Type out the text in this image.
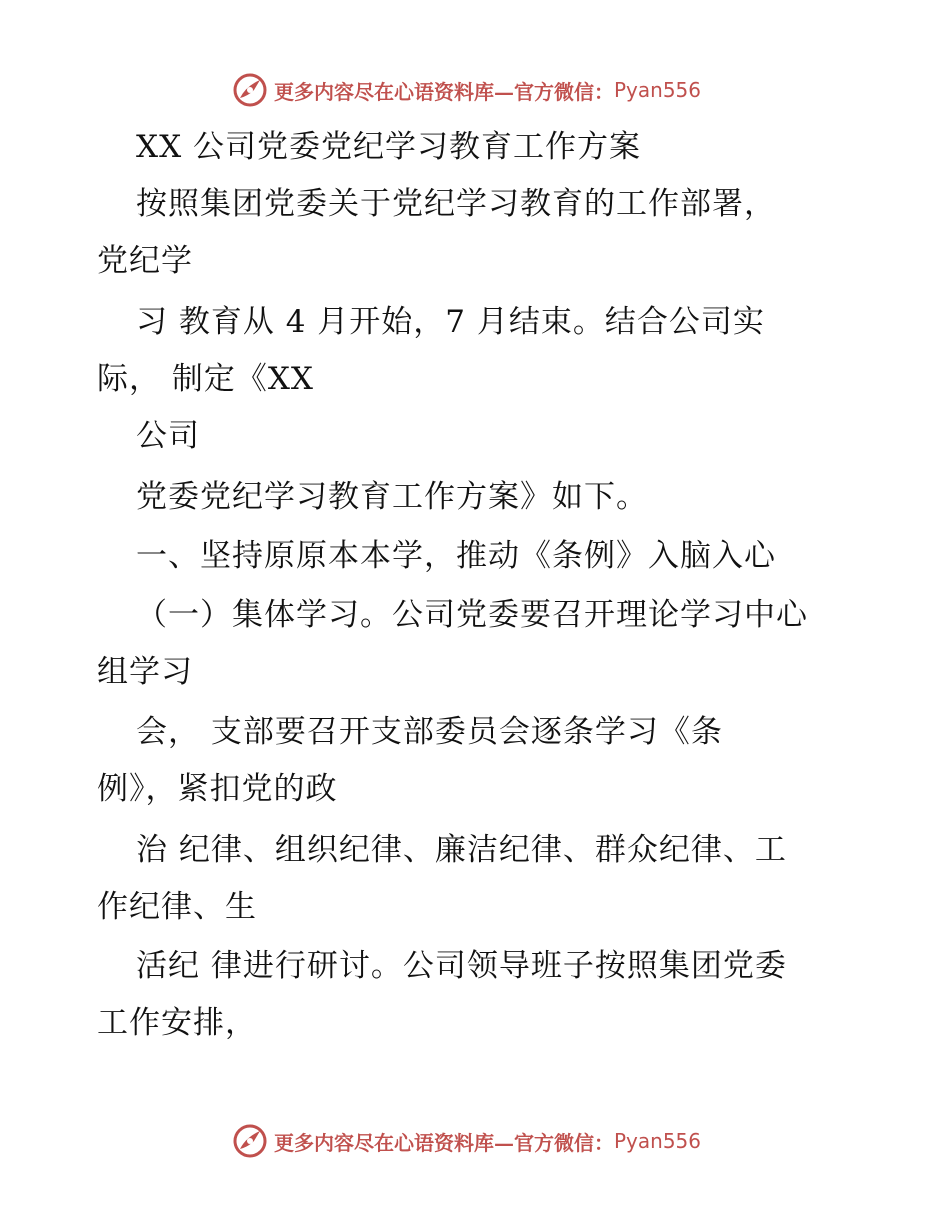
更多内容尽在心语资料库—官方微信： Pyan556
XX 公司党委党纪学习教育工作方案
按照集团党委关于党纪学习教育的工作部署，
党纪学
习 教育从 4 月开始，7 月结束。结合公司实
际， 制定《XX
公司
党委党纪学习教育工作方案》如下。
一、坚持原原本本学，推动《条例》入脑入心
（一）集体学习。公司党委要召开理论学习中心
组学习
会， 支部要召开支部委员会逐条学习《条
例》，紧扣党的政
治 纪律、组织纪律、廉洁纪律、群众纪律、工
作纪律、生
活纪 律进行研讨。公司领导班子按照集团党委
工作安排，
更多内容尽在心语资料库—官方微信： Pyan556
